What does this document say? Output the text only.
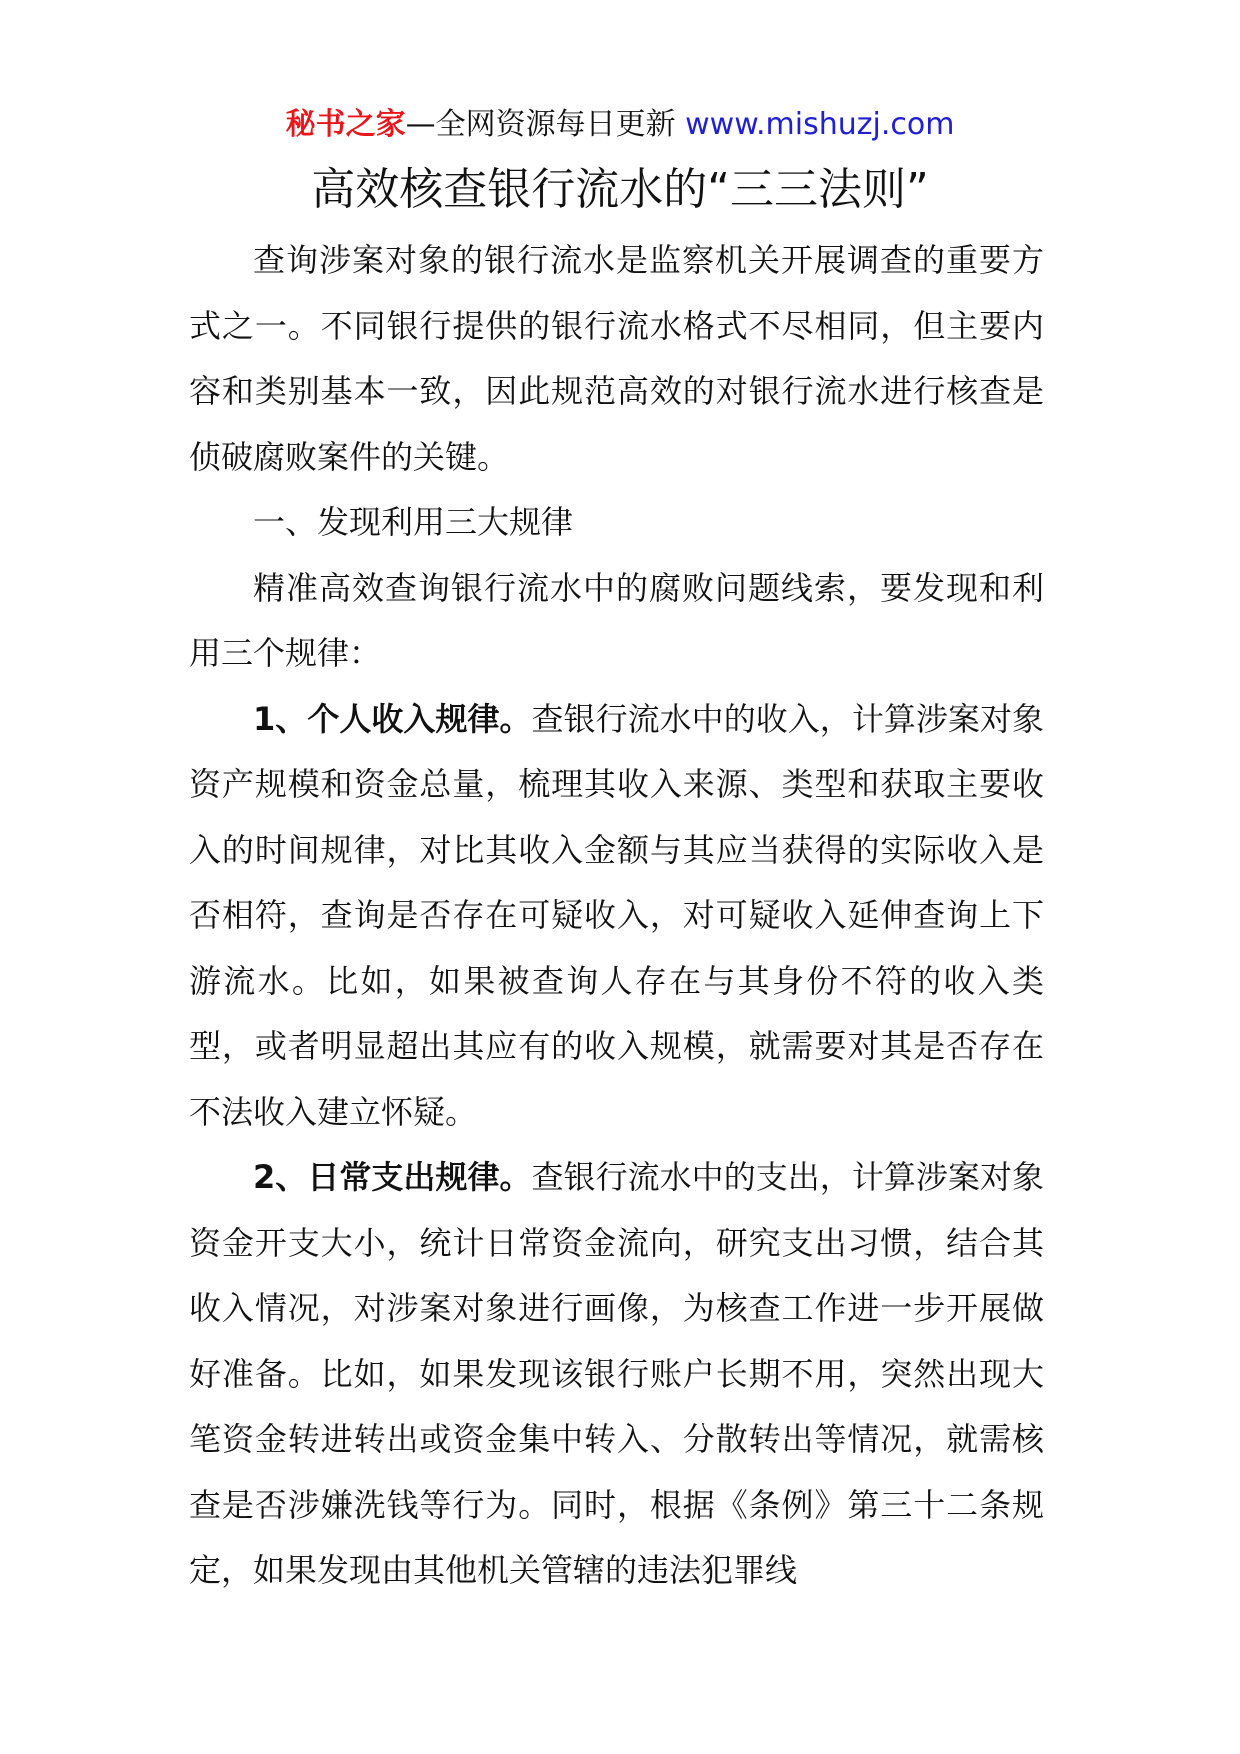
秘书之家—全网资源每日更新 www.mishuzj.com
高效核查银行流水的“三三法则”

查询涉案对象的银行流水是监察机关开展调查的重要方式之一。不同银行提供的银行流水格式不尽相同，但主要内容和类别基本一致，因此规范高效的对银行流水进行核查是侦破腐败案件的关键。

一、发现利用三大规律

精准高效查询银行流水中的腐败问题线索，要发现和利用三个规律：

1、个人收入规律。查银行流水中的收入，计算涉案对象资产规模和资金总量，梳理其收入来源、类型和获取主要收入的时间规律，对比其收入金额与其应当获得的实际收入是否相符，查询是否存在可疑收入，对可疑收入延伸查询上下游流水。比如，如果被查询人存在与其身份不符的收入类型，或者明显超出其应有的收入规模，就需要对其是否存在不法收入建立怀疑。

2、日常支出规律。查银行流水中的支出，计算涉案对象资金开支大小，统计日常资金流向，研究支出习惯，结合其收入情况，对涉案对象进行画像，为核查工作进一步开展做好准备。比如，如果发现该银行账户长期不用，突然出现大笔资金转进转出或资金集中转入、分散转出等情况，就需核查是否涉嫌洗钱等行为。同时，根据《条例》第三十二条规定，如果发现由其他机关管辖的违法犯罪线
